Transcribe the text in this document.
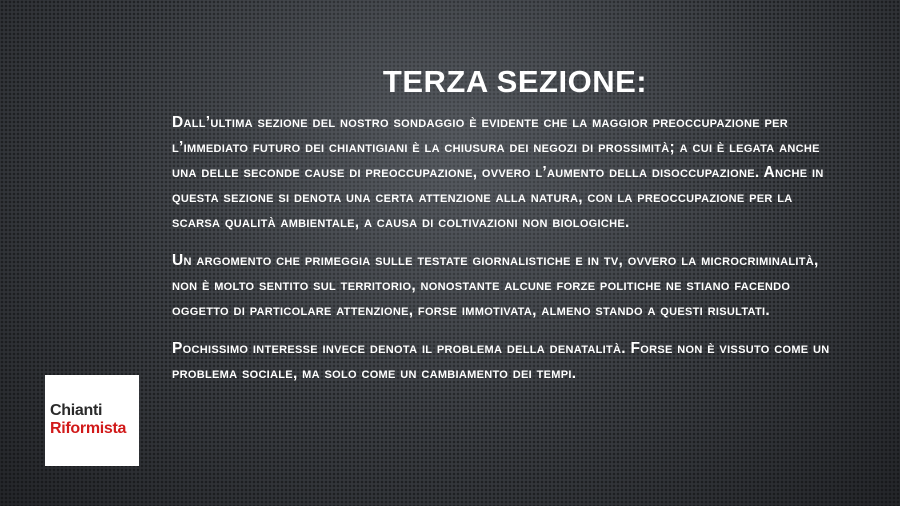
TERZA SEZIONE:

Dall’ultima sezione del nostro sondaggio è evidente che la maggior preoccupazione per l’immediato futuro dei chiantigiani è la chiusura dei negozi di prossimità; a cui è legata anche una delle seconde cause di preoccupazione, ovvero l’aumento della disoccupazione. Anche in questa sezione si denota una certa attenzione alla natura, con la preoccupazione per la scarsa qualità ambientale, a causa di coltivazioni non biologiche.

Un argomento che primeggia sulle testate giornalistiche e in tv, ovvero la microcriminalità, non è molto sentito sul territorio, nonostante alcune forze politiche ne stiano facendo oggetto di particolare attenzione, forse immotivata, almeno stando a questi risultati.

Pochissimo interesse invece denota il problema della denatalità. Forse non è vissuto come un problema sociale, ma solo come un cambiamento dei tempi.

Chianti
Riformista
